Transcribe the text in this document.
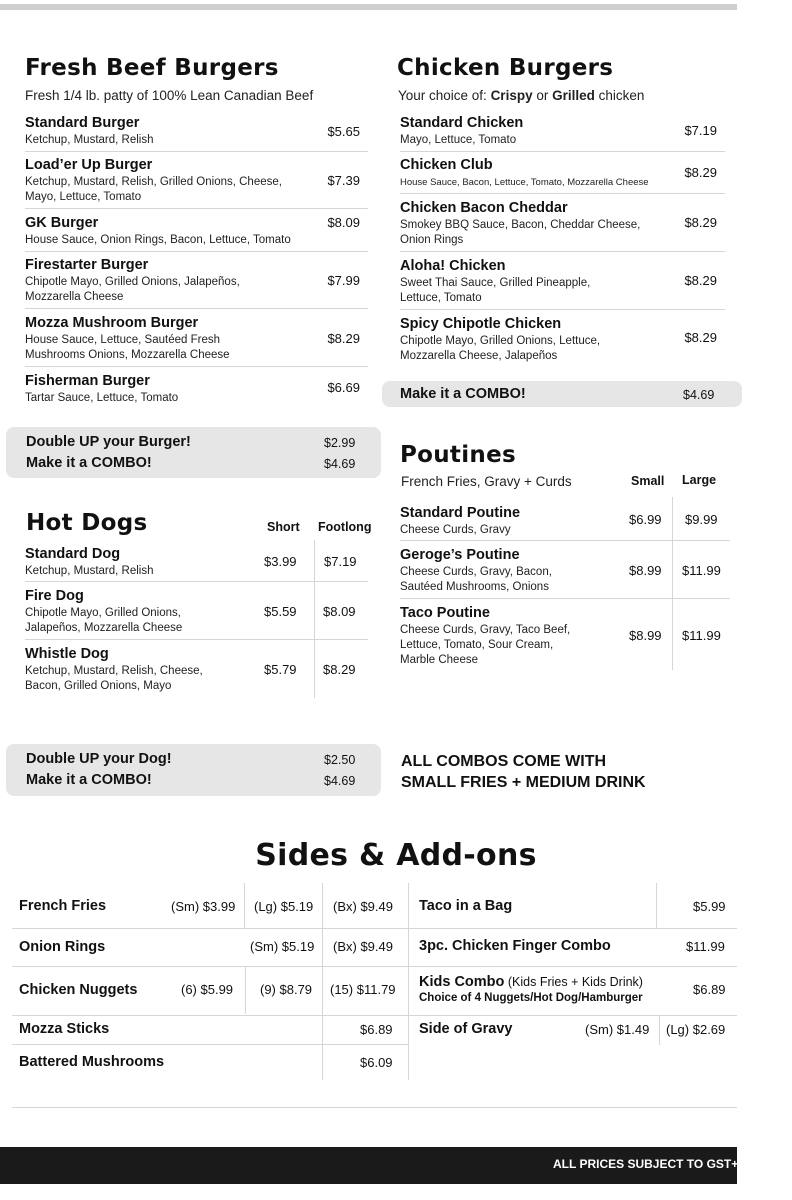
Fresh Beef Burgers
Fresh 1/4 lb. patty of 100% Lean Canadian Beef
Standard Burger
Ketchup, Mustard, Relish
$5.65
Load’er Up Burger
Ketchup, Mustard, Relish, Grilled Onions, Cheese, Mayo, Lettuce, Tomato
$7.39
GK Burger
House Sauce, Onion Rings, Bacon, Lettuce, Tomato
$8.09
Firestarter Burger
Chipotle Mayo, Grilled Onions, Jalapeños, Mozzarella Cheese
$7.99
Mozza Mushroom Burger
House Sauce, Lettuce, Sautéed Fresh Mushrooms Onions, Mozzarella Cheese
$8.29
Fisherman Burger
Tartar Sauce, Lettuce, Tomato
$6.69
Double UP your Burger!	$2.99
Make it a COMBO!	$4.69
Chicken Burgers
Your choice of: Crispy or Grilled chicken
Standard Chicken
Mayo, Lettuce, Tomato
$7.19
Chicken Club
House Sauce, Bacon, Lettuce, Tomato, Mozzarella Cheese
$8.29
Chicken Bacon Cheddar
Smokey BBQ Sauce, Bacon, Cheddar Cheese, Onion Rings
$8.29
Aloha! Chicken
Sweet Thai Sauce, Grilled Pineapple, Lettuce, Tomato
$8.29
Spicy Chipotle Chicken
Chipotle Mayo, Grilled Onions, Lettuce, Mozzarella Cheese, Jalapeños
$8.29
Make it a COMBO!	$4.69
Poutines
French Fries, Gravy + Curds	Small Large
Standard Poutine
Cheese Curds, Gravy
$6.99 $9.99
Geroge’s Poutine
Cheese Curds, Gravy, Bacon, Sautéed Mushrooms, Onions
$8.99 $11.99
Taco Poutine
Cheese Curds, Gravy, Taco Beef, Lettuce, Tomato, Sour Cream, Marble Cheese
$8.99 $11.99
Hot Dogs	Short Footlong
Standard Dog
Ketchup, Mustard, Relish
$3.99 $7.19
Fire Dog
Chipotle Mayo, Grilled Onions, Jalapeños, Mozzarella Cheese
$5.59 $8.09
Whistle Dog
Ketchup, Mustard, Relish, Cheese, Bacon, Grilled Onions, Mayo
$5.79 $8.29
Double UP your Dog!	$2.50
Make it a COMBO!	$4.69
ALL COMBOS COME WITH
SMALL FRIES + MEDIUM DRINK
Sides & Add-ons
French Fries	(Sm) $3.99 (Lg) $5.19 (Bx) $9.49
Onion Rings	(Sm) $5.19 (Bx) $9.49
Chicken Nuggets	(6) $5.99 (9) $8.79 (15) $11.79
Mozza Sticks	$6.89
Battered Mushrooms	$6.09
Taco in a Bag	$5.99
3pc. Chicken Finger Combo	$11.99
Kids Combo (Kids Fries + Kids Drink)
Choice of 4 Nuggets/Hot Dog/Hamburger
$6.89
Side of Gravy	(Sm) $1.49 (Lg) $2.69
ALL PRICES SUBJECT TO GST+PST S
